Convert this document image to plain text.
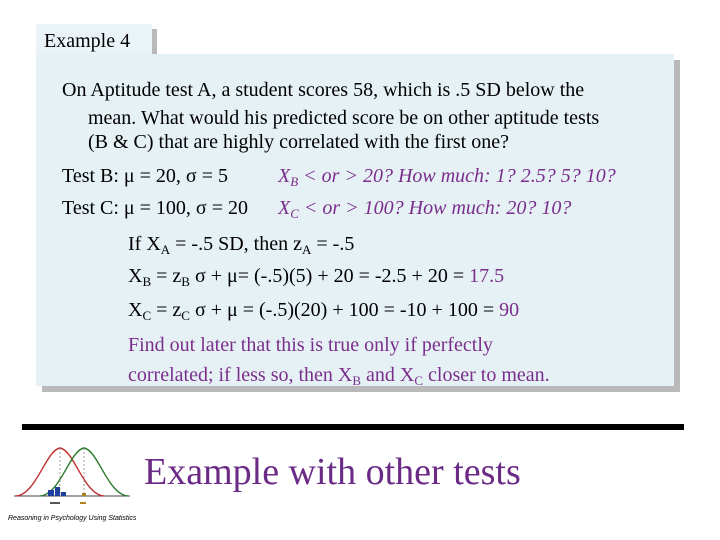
Example 4
On Aptitude test A, a student scores 58, which is .5 SD below the
mean. What would his predicted score be on other aptitude tests
(B & C) that are highly correlated with the first one?
Test B: μ = 20, σ = 5	$X_B$ < or > 20? How much: 1? 2.5? 5? 10?
Test C: μ = 100, σ = 20 $X_C$ < or > 100? How much: 20? 10?
If $X_A = -.5$ SD, then $z_A = -.5$
$X_B = z_B$ σ + μ= (-.5)(5) + 20 = -2.5 + 20 = 17.5
$X_C = z_C$ σ + μ = (-.5)(20) + 100 = -10 + 100 = 90
Find out later that this is true only if perfectly
correlated; if less so, then $X_B$ and $X_C$ closer to mean.
Example with other tests
Reasoning in Psychology Using Statistics
